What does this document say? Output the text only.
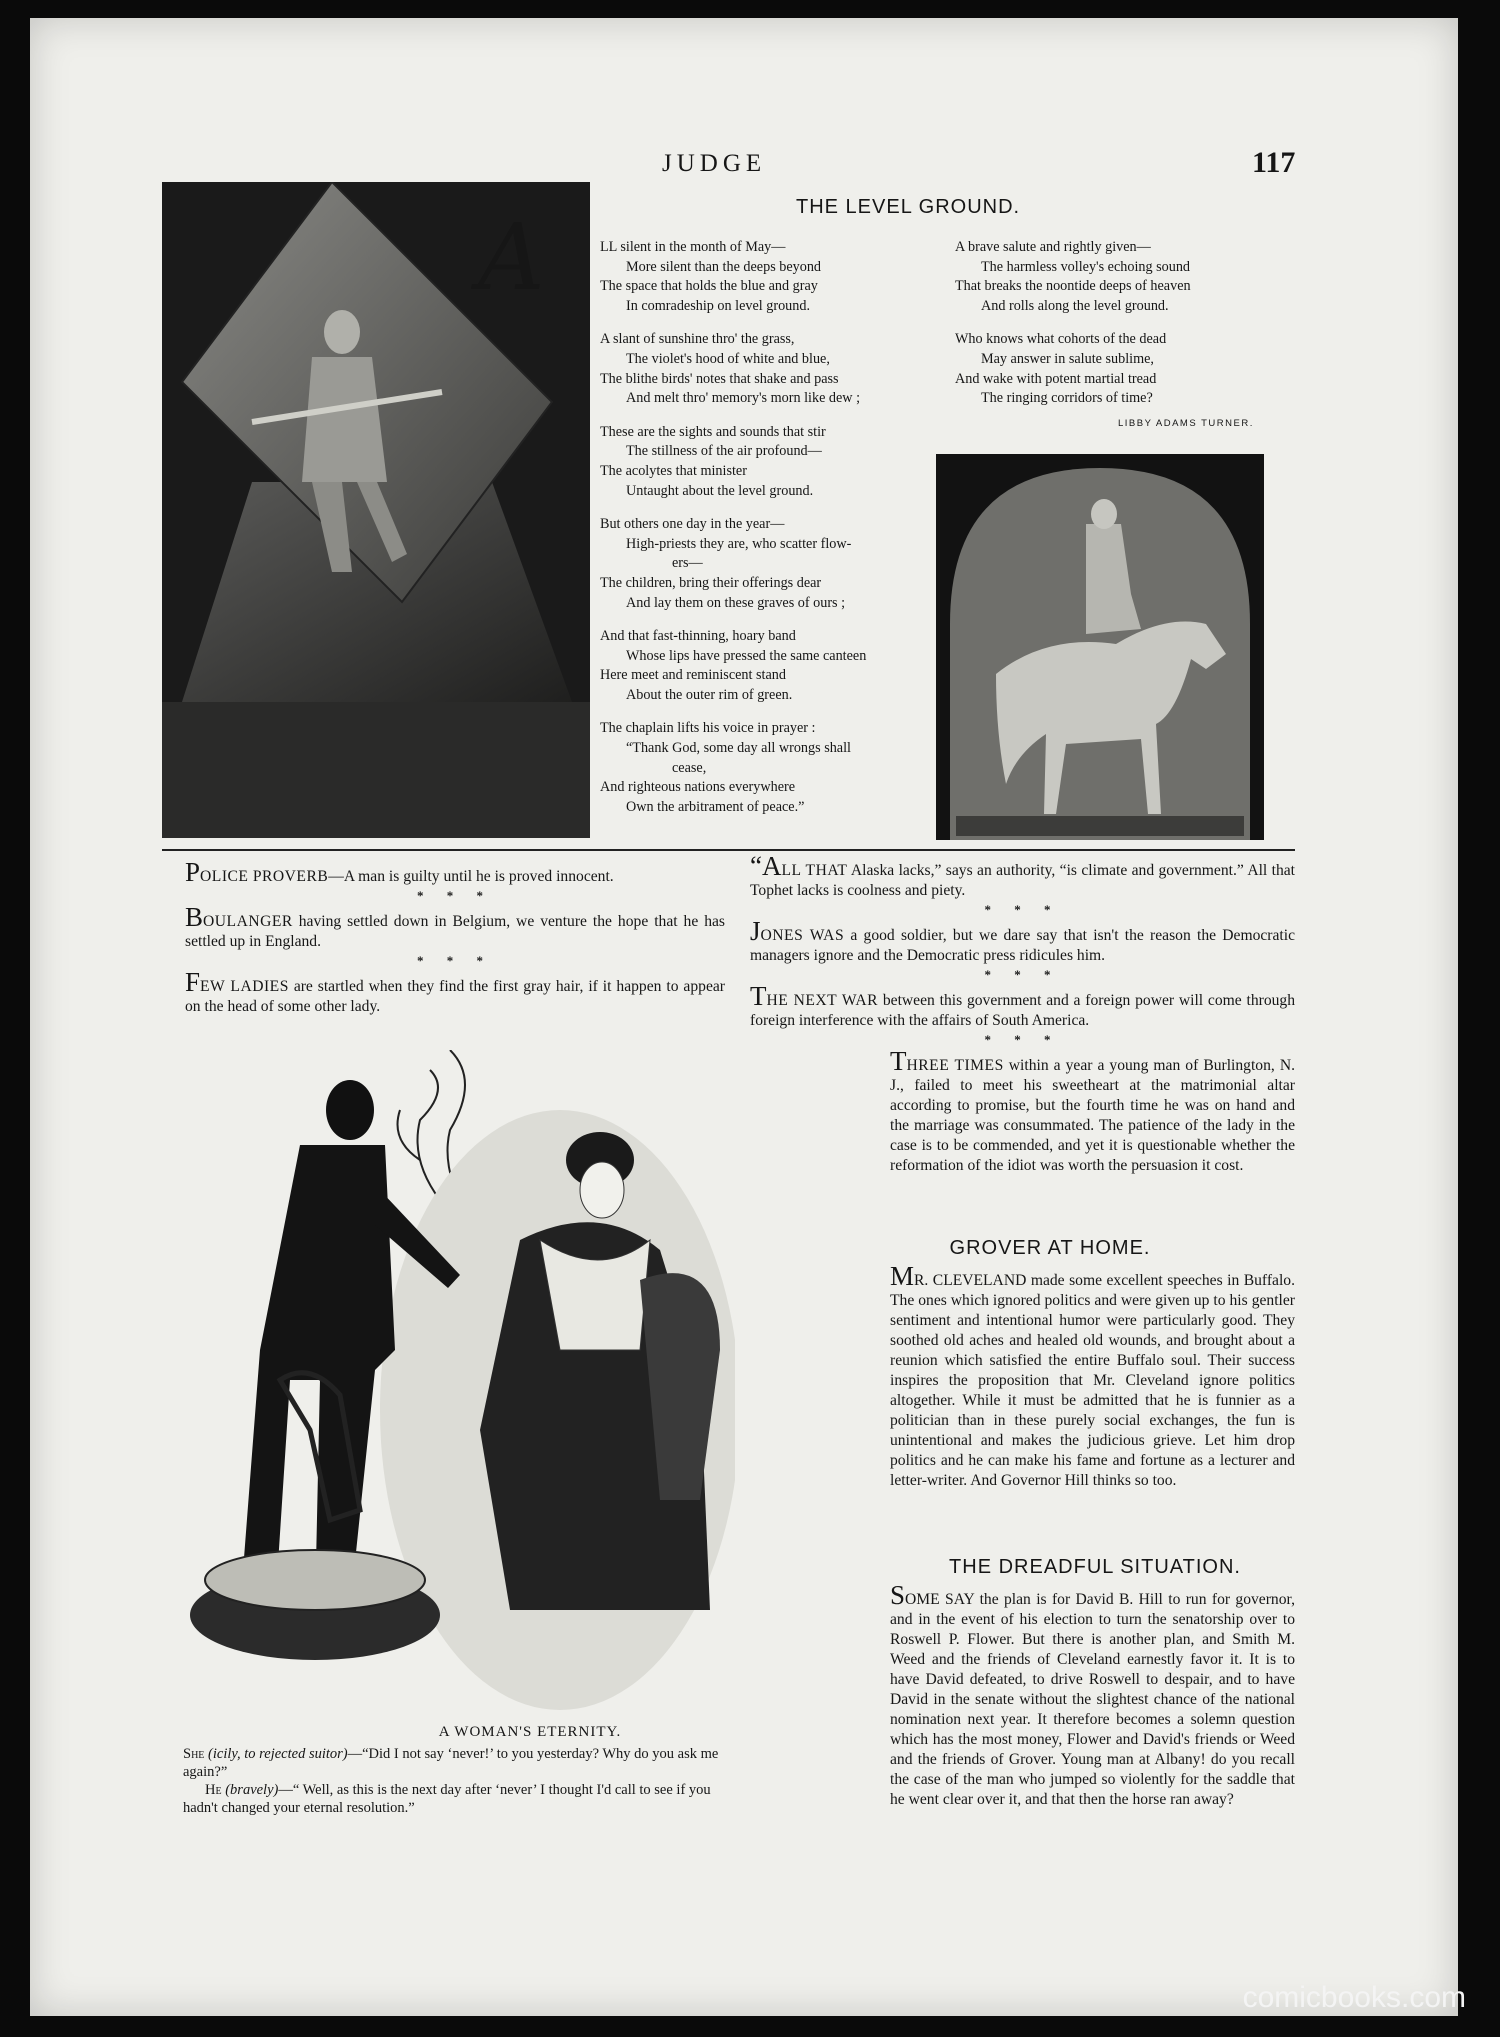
JUDGE	117
THE LEVEL GROUND.
A	LL silent in the month of May—
More silent than the deeps beyond
The space that holds the blue and gray
In comradeship on level ground.
A slant of sunshine thro' the grass,
The violet's hood of white and blue,
The blithe birds' notes that shake and pass
And melt thro' memory's morn like dew ;
These are the sights and sounds that stir
The stillness of the air profound—
The acolytes that minister
Untaught about the level ground.
But others one day in the year—
High-priests they are, who scatter flow-
ers—
The children, bring their offerings dear
And lay them on these graves of ours ;
And that fast-thinning, hoary band
Whose lips have pressed the same canteen
Here meet and reminiscent stand
About the outer rim of green.
The chaplain lifts his voice in prayer :
“Thank God, some day all wrongs shall
cease,
And righteous nations everywhere
Own the arbitrament of peace.”
A brave salute and rightly given—
The harmless volley's echoing sound
That breaks the noontide deeps of heaven
And rolls along the level ground.
Who knows what cohorts of the dead
May answer in salute sublime,
And wake with potent martial tread
The ringing corridors of time?
LIBBY ADAMS TURNER.
POLICE PROVERB—A man is guilty until he is proved innocent.
* * *
BOULANGER having settled down in Belgium, we venture the hope that he has settled up in England.
* * *
FEW LADIES are startled when they find the first gray hair, if it happen to appear on the head of some other lady.
A WOMAN'S ETERNITY.
She (icily, to rejected suitor)—“Did I not say ‘never!’ to you yesterday? Why do you ask me again?”
He (bravely)—“ Well, as this is the next day after ‘never’ I thought I'd call to see if you hadn't changed your eternal resolution.”
“ALL THAT Alaska lacks,” says an authority, “is climate and government.” All that Tophet lacks is coolness and piety.
* * *
JONES WAS a good soldier, but we dare say that isn't the reason the Democratic managers ignore and the Democratic press ridicules him.
* * *
THE NEXT WAR between this government and a foreign power will come through foreign interference with the affairs of South America.
* * *
THREE TIMES within a year a young man of Burlington, N. J., failed to meet his sweetheart at the matrimonial altar according to promise, but the fourth time he was on hand and the marriage was consummated. The patience of the lady in the case is to be commended, and yet it is questionable whether the reformation of the idiot was worth the persuasion it cost.
GROVER AT HOME.
MR. CLEVELAND made some excellent speeches in Buffalo. The ones which ignored politics and were given up to his gentler sentiment and intentional humor were particularly good. They soothed old aches and healed old wounds, and brought about a reunion which satisfied the entire Buffalo soul. Their success inspires the proposition that Mr. Cleveland ignore politics altogether. While it must be admitted that he is funnier as a politician than in these purely social exchanges, the fun is unintentional and makes the judicious grieve. Let him drop politics and he can make his fame and fortune as a lecturer and letter-writer. And Governor Hill thinks so too.
THE DREADFUL SITUATION.
SOME SAY the plan is for David B. Hill to run for governor, and in the event of his election to turn the senatorship over to Roswell P. Flower. But there is another plan, and Smith M. Weed and the friends of Cleveland earnestly favor it. It is to have David defeated, to drive Roswell to despair, and to have David in the senate without the slightest chance of the national nomination next year. It therefore becomes a solemn question which has the most money, Flower and David's friends or Weed and the friends of Grover. Young man at Albany! do you recall the case of the man who jumped so violently for the saddle that he went clear over it, and that then the horse ran away?
comicbooks.com
